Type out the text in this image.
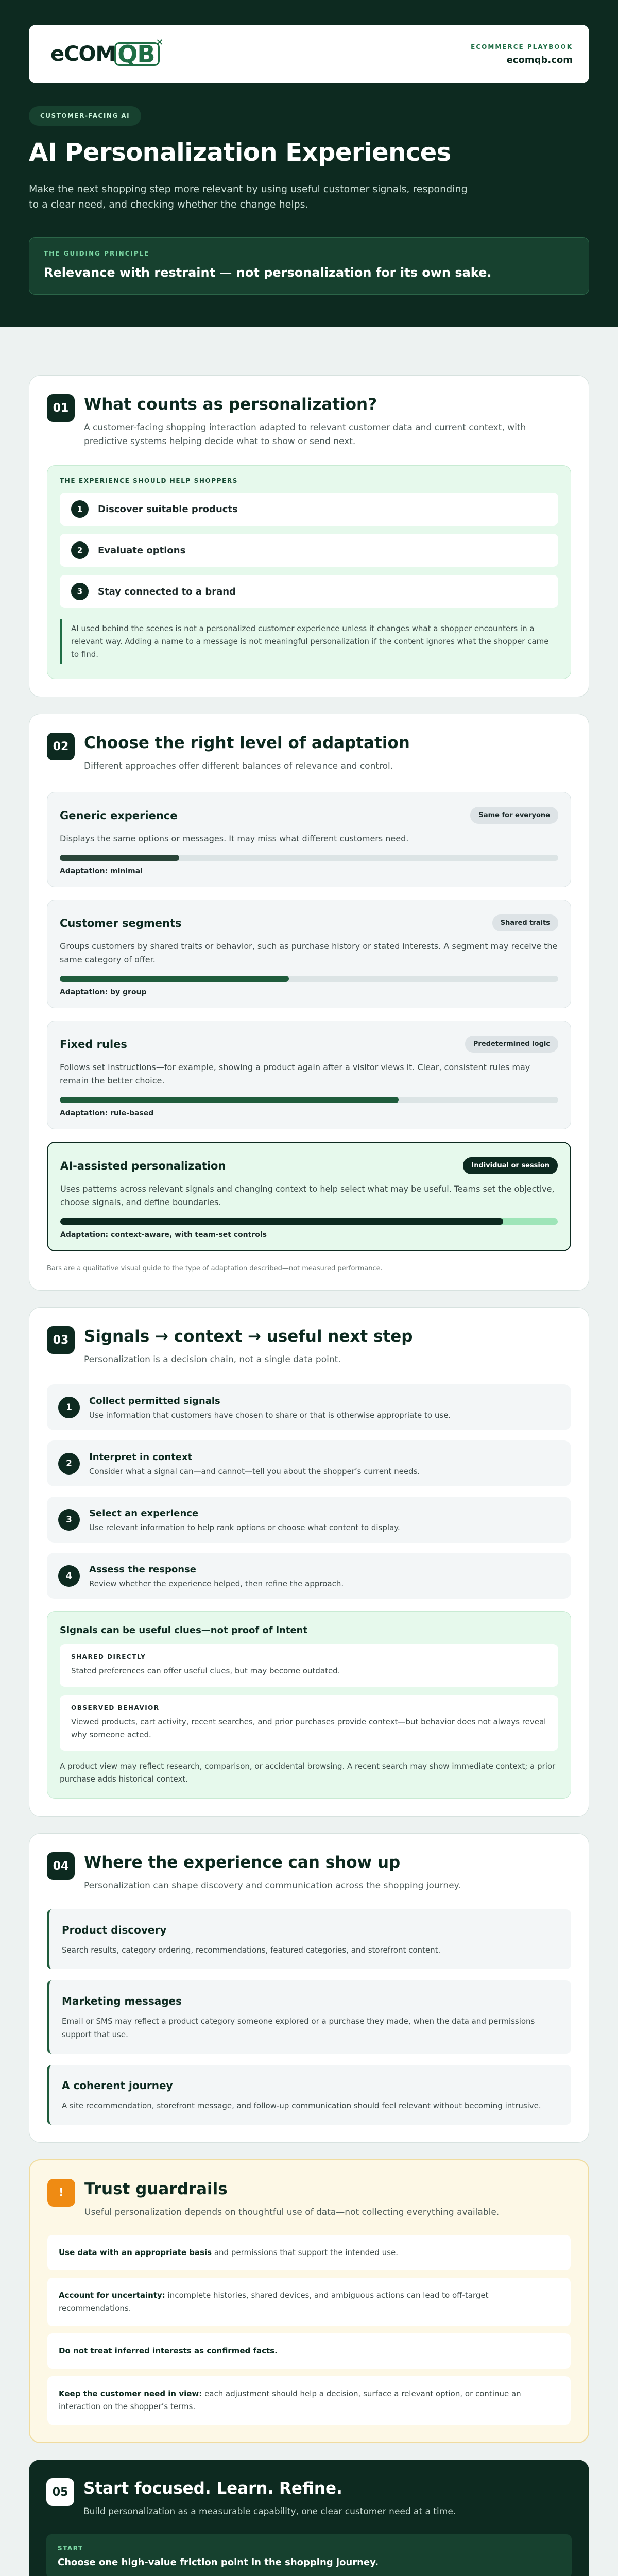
eCOM QB ×	ECOMMERCE PLAYBOOK
ecomqb.com
CUSTOMER-FACING AI
AI Personalization Experiences

Make the next shopping step more relevant by using useful customer signals, responding to a clear need, and checking whether the change helps.

THE GUIDING PRINCIPLE
Relevance with restraint — not personalization for its own sake.
01 What counts as personalization?

A customer-facing shopping interaction adapted to relevant customer data and current context, with predictive systems helping decide what to show or send next.

THE EXPERIENCE SHOULD HELP SHOPPERS
1	Discover suitable products
2	Evaluate options
3	Stay connected to a brand

AI used behind the scenes is not a personalized customer experience unless it changes what a shopper encounters in a relevant way. Adding a name to a message is not meaningful personalization if the content ignores what the shopper came to find.

02 Choose the right level of adaptation

Different approaches offer different balances of relevance and control.

Generic experience	Same for everyone

Displays the same options or messages. It may miss what different customers need.

Adaptation: minimal
Customer segments	Shared traits

Groups customers by shared traits or behavior, such as purchase history or stated interests. A segment may receive the same category of offer.

Adaptation: by group
Fixed rules	Predetermined logic

Follows set instructions—for example, showing a product again after a visitor views it. Clear, consistent rules may remain the better choice.

Adaptation: rule-based
AI-assisted personalization	Individual or session

Uses patterns across relevant signals and changing context to help select what may be useful. Teams set the objective, choose signals, and define boundaries.

Adaptation: context-aware, with team-set controls

Bars are a qualitative visual guide to the type of adaptation described—not measured performance.

03 Signals → context → useful next step

Personalization is a decision chain, not a single data point.

1
Collect permitted signals
Use information that customers have chosen to share or that is otherwise appropriate to use.
2
Interpret in context
Consider what a signal can—and cannot—tell you about the shopper’s current needs.
3
Select an experience
Use relevant information to help rank options or choose what content to display.
4
Assess the response
Review whether the experience helped, then refine the approach.
Signals can be useful clues—not proof of intent
SHARED DIRECTLY
Stated preferences can offer useful clues, but may become outdated.
OBSERVED BEHAVIOR
Viewed products, cart activity, recent searches, and prior purchases provide context—but behavior does not always reveal why someone acted.

A product view may reflect research, comparison, or accidental browsing. A recent search may show immediate context; a prior purchase adds historical context.

04 Where the experience can show up

Personalization can shape discovery and communication across the shopping journey.

Product discovery
Search results, category ordering, recommendations, featured categories, and storefront content.
Marketing messages
Email or SMS may reflect a product category someone explored or a purchase they made, when the data and permissions support that use.
A coherent journey
A site recommendation, storefront message, and follow-up communication should feel relevant without becoming intrusive.
!	Trust guardrails

Useful personalization depends on thoughtful use of data—not collecting everything available.

Use data with an appropriate basis and permissions that support the intended use.
Account for uncertainty: incomplete histories, shared devices, and ambiguous actions can lead to off-target recommendations.
Do not treat inferred interests as confirmed facts.
Keep the customer need in view: each adjustment should help a decision, surface a relevant option, or continue an interaction on the shopper’s terms.
05 Start focused. Learn. Refine.

Build personalization as a measurable capability, one clear customer need at a time.

START
Choose one high-value friction point in the shopping journey.
